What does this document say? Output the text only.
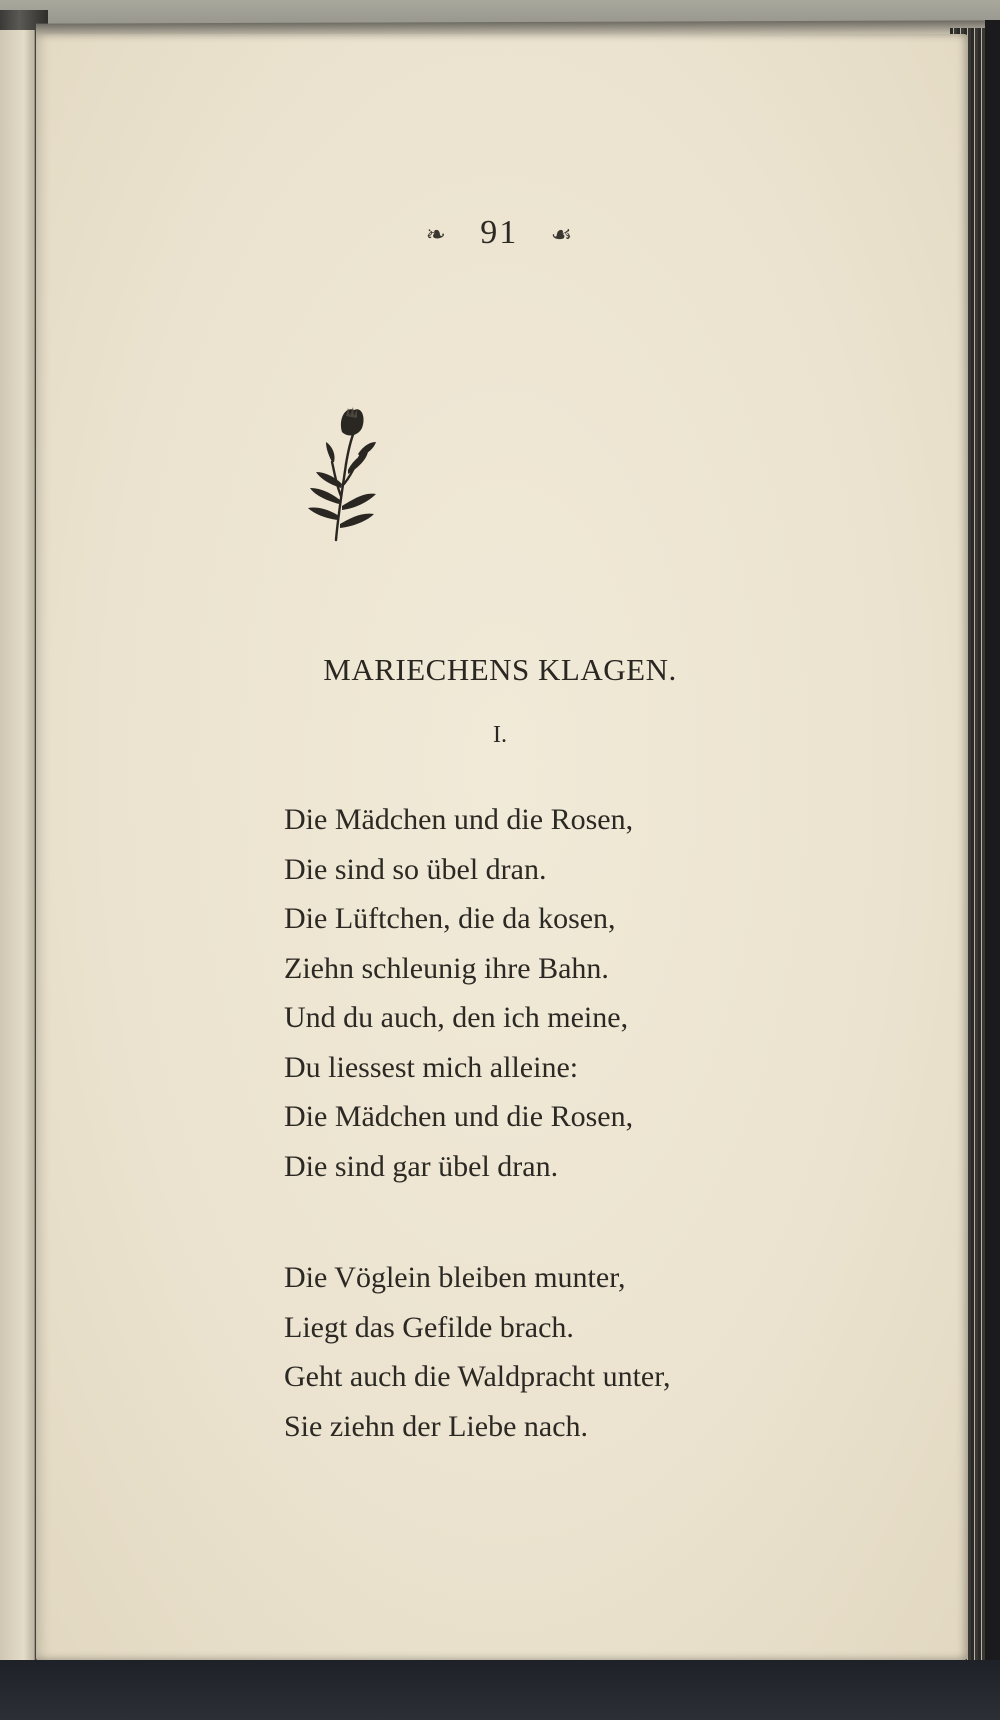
❧ 91 ☙
MARIECHENS KLAGEN.
I.
Die Mädchen und die Rosen,
Die sind so übel dran.
Die Lüftchen, die da kosen,
Ziehn schleunig ihre Bahn.
Und du auch, den ich meine,
Du liessest mich alleine:
Die Mädchen und die Rosen,
Die sind gar übel dran.
Die Vöglein bleiben munter,
Liegt das Gefilde brach.
Geht auch die Waldpracht unter,
Sie ziehn der Liebe nach.
